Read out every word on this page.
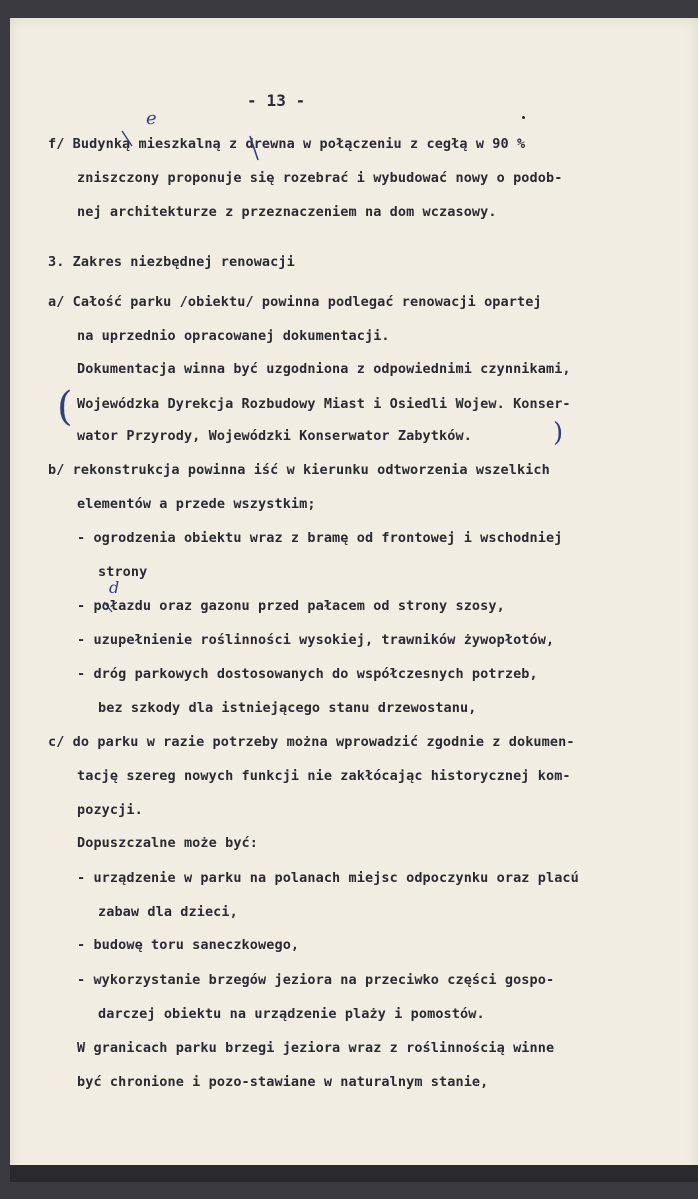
- 13 -
f/ Budynką mieszkalną z drewna w połączeniu z cegłą w 90 %
zniszczony proponuje się rozebrać i wybudować nowy o podob-
nej architekturze z przeznaczeniem na dom wczasowy.
3. Zakres niezbędnej renowacji
a/ Całość parku /obiektu/ powinna podlegać renowacji opartej
na uprzednio opracowanej dokumentacji.
Dokumentacja winna być uzgodniona z odpowiednimi czynnikami,
Wojewódzka Dyrekcja Rozbudowy Miast i Osiedli Wojew. Konser-
wator Przyrody, Wojewódzki Konserwator Zabytków.
b/ rekonstrukcja powinna iść w kierunku odtworzenia wszelkich
elementów a przede wszystkim;
- ogrodzenia obiektu wraz z bramę od frontowej i wschodniej
strony
- połazdu oraz gazonu przed pałacem od strony szosy,
- uzupełnienie roślinności wysokiej, trawników żywopłotów,
- dróg parkowych dostosowanych do współczesnych potrzeb,
bez szkody dla istniejącego stanu drzewostanu,
c/ do parku w razie potrzeby można wprowadzić zgodnie z dokumen-
tację szereg nowych funkcji nie zakłócając historycznej kom-
pozycji.
Dopuszczalne może być:
- urządzenie w parku na polanach miejsc odpoczynku oraz placú
zabaw dla dzieci,
- budowę toru saneczkowego,
- wykorzystanie brzegów jeziora na przeciwko części gospo-
darczej obiektu na urządzenie plaży i pomostów.
W granicach parku brzegi jeziora wraz z roślinnością winne
być chronione i pozo-stawiane w naturalnym stanie,
e
d
(
)
